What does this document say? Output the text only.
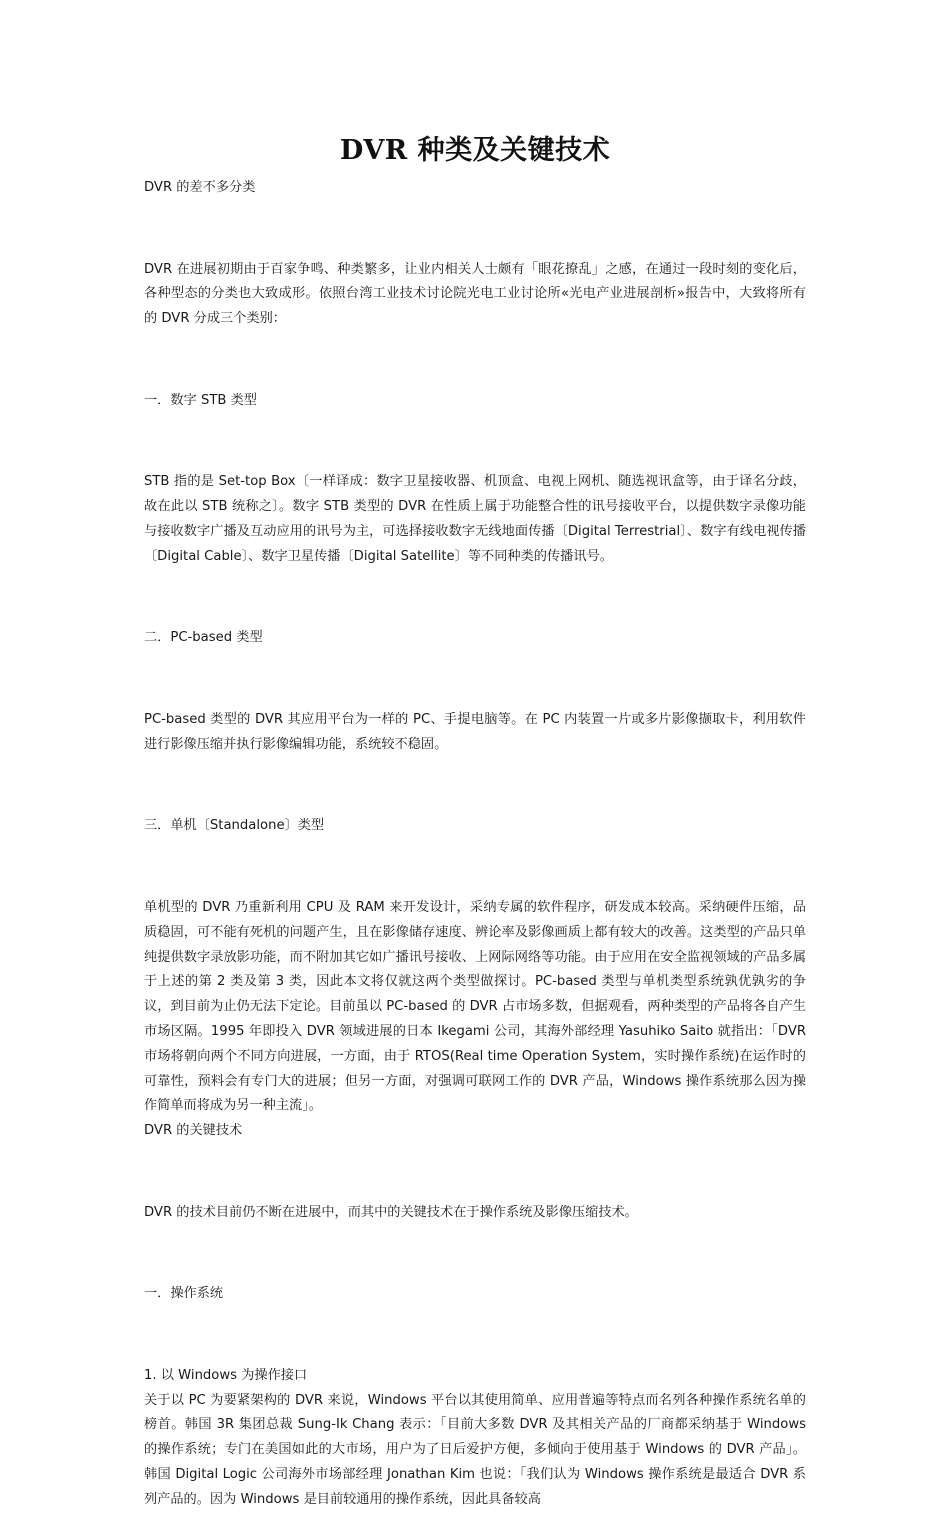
DVR 种类及关键技术

DVR 的差不多分类

DVR 在进展初期由于百家争鸣、种类繁多，让业内相关人士颇有「眼花撩乱」之感，在通过一段时刻的变化后，各种型态的分类也大致成形。依照台湾工业技术讨论院光电工业讨论所«光电产业进展剖析»报告中，大致将所有的 DVR 分成三个类别：

一．数字 STB 类型

STB 指的是 Set-top Box〔一样译成：数字卫星接收器、机顶盒、电视上网机、随选视讯盒等，由于译名分歧，故在此以 STB 统称之〕。数字 STB 类型的 DVR 在性质上属于功能整合性的讯号接收平台，以提供数字录像功能与接收数字广播及互动应用的讯号为主，可选择接收数字无线地面传播〔Digital Terrestrial〕、数字有线电视传播〔Digital Cable〕、数字卫星传播〔Digital Satellite〕等不同种类的传播讯号。

二．PC-based 类型

PC-based 类型的 DVR 其应用平台为一样的 PC、手提电脑等。在 PC 内装置一片或多片影像撷取卡，利用软件进行影像压缩并执行影像编辑功能，系统较不稳固。

三．单机〔Standalone〕类型

单机型的 DVR 乃重新利用 CPU 及 RAM 来开发设计，采纳专属的软件程序，研发成本较高。采纳硬件压缩，品质稳固，可不能有死机的问题产生，且在影像储存速度、辨论率及影像画质上都有较大的改善。这类型的产品只单纯提供数字录放影功能，而不附加其它如广播讯号接收、上网际网络等功能。由于应用在安全监视领域的产品多属于上述的第 2 类及第 3 类，因此本文将仅就这两个类型做探讨。PC-based 类型与单机类型系统孰优孰劣的争议，到目前为止仍无法下定论。目前虽以 PC-based 的 DVR 占市场多数，但据观看，两种类型的产品将各自产生市场区隔。1995 年即投入 DVR 领域进展的日本 Ikegami 公司，其海外部经理 Yasuhiko Saito 就指出：「DVR 市场将朝向两个不同方向进展，一方面，由于 RTOS(Real time Operation System，实时操作系统)在运作时的可靠性，预料会有专门大的进展；但另一方面，对强调可联网工作的 DVR 产品，Windows 操作系统那么因为操作简单而将成为另一种主流」。

DVR 的关键技术

DVR 的技术目前仍不断在进展中，而其中的关键技术在于操作系统及影像压缩技术。

一．操作系统

1. 以 Windows 为操作接口

关于以 PC 为要紧架构的 DVR 来说，Windows 平台以其使用简单、应用普遍等特点而名列各种操作系统名单的榜首。韩国 3R 集团总裁 Sung-Ik Chang 表示：「目前大多数 DVR 及其相关产品的厂商都采纳基于 Windows 的操作系统；专门在美国如此的大市场，用户为了日后爱护方便，多倾向于使用基于 Windows 的 DVR 产品」。韩国 Digital Logic 公司海外市场部经理 Jonathan Kim 也说：「我们认为 Windows 操作系统是最适合 DVR 系列产品的。因为 Windows 是目前较通用的操作系统，因此具备较高
